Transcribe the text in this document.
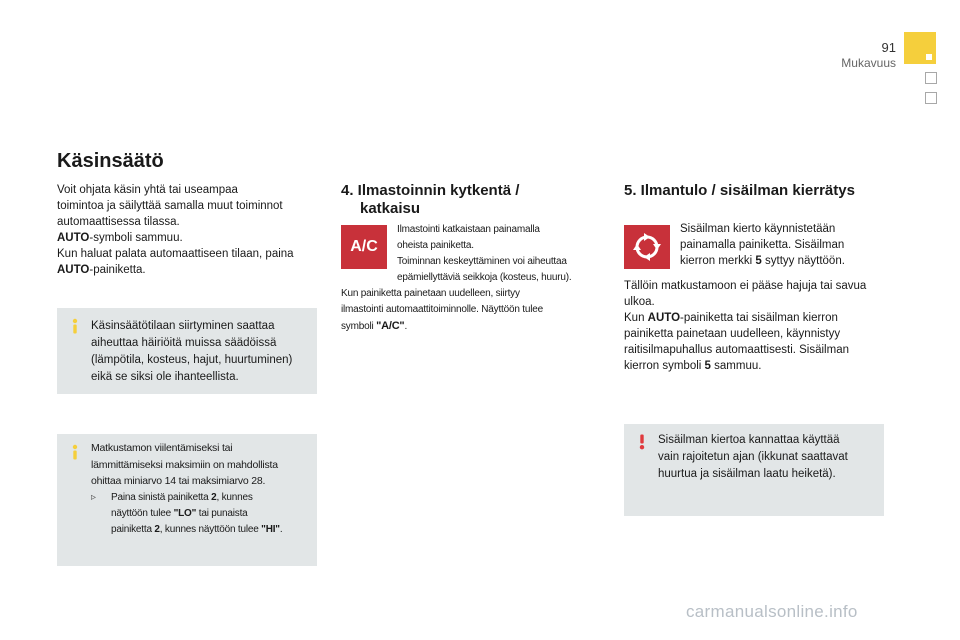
91
Mukavuus
Käsinsäätö
Voit ohjata käsin yhtä tai useampaa
toimintoa ja säilyttää samalla muut toiminnot
automaattisessa tilassa.
AUTO-symboli sammuu.
Kun haluat palata automaattiseen tilaan, paina
AUTO-painiketta.
Käsinsäätötilaan siirtyminen saattaa
aiheuttaa häiriöitä muissa säädöissä
(lämpötila, kosteus, hajut, huurtuminen)
eikä se siksi ole ihanteellista.
Matkustamon viilentämiseksi tai
lämmittämiseksi maksimiin on mahdollista
ohittaa miniarvo 14 tai maksimiarvo 28.
▹ Paina sinistä painiketta 2, kunnes
näyttöön tulee "LO" tai punaista
painiketta 2, kunnes näyttöön tulee "HI".
4. Ilmastoinnin kytkentä /
katkaisu
A/C
Ilmastointi katkaistaan painamalla
oheista painiketta.
Toiminnan keskeyttäminen voi aiheuttaa
epämiellyttäviä seikkoja (kosteus, huuru).
Kun painiketta painetaan uudelleen, siirtyy
ilmastointi automaattitoiminnolle. Näyttöön tulee
symboli "A/C".
5. Ilmantulo / sisäilman kierrätys
Sisäilman kierto käynnistetään
painamalla painiketta. Sisäilman
kierron merkki 5 syttyy näyttöön.
Tällöin matkustamoon ei pääse hajuja tai savua
ulkoa.
Kun AUTO-painiketta tai sisäilman kierron
painiketta painetaan uudelleen, käynnistyy
raitisilmapuhallus automaattisesti. Sisäilman
kierron symboli 5 sammuu.
Sisäilman kiertoa kannattaa käyttää
vain rajoitetun ajan (ikkunat saattavat
huurtua ja sisäilman laatu heiketä).
carmanualsonline.info
